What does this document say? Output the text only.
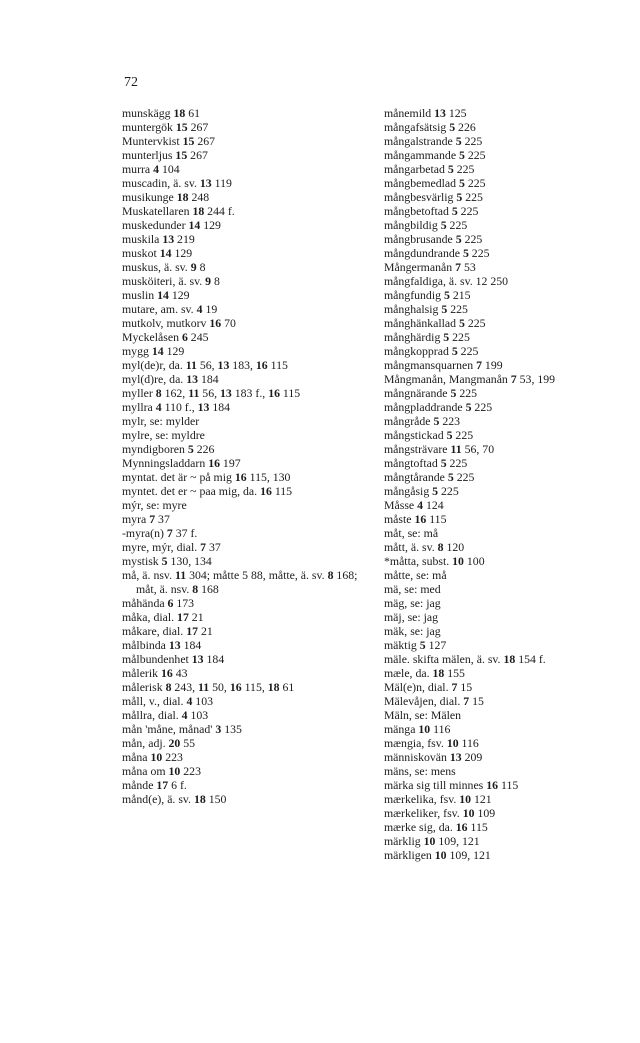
72
munskägg 18 61
muntergök 15 267
Muntervkist 15 267
munterljus 15 267
murra 4 104
muscadin, ä. sv. 13 119
musikunge 18 248
Muskatellaren 18 244 f.
muskedunder 14 129
muskila 13 219
muskot 14 129
muskus, ä. sv. 9 8
musköiteri, ä. sv. 9 8
muslin 14 129
mutare, am. sv. 4 19
mutkolv, mutkorv 16 70
Myckelåsen 6 245
mygg 14 129
myl(de)r, da. 11 56, 13 183, 16 115
myl(d)re, da. 13 184
myller 8 162, 11 56, 13 183 f., 16 115
myllra 4 110 f., 13 184
mylr, se: mylder
mylre, se: myldre
myndigboren 5 226
Mynningsladdarn 16 197
myntat. det är ~ på mig 16 115, 130
myntet. det er ~ paa mig, da. 16 115
mýr, se: myre
myra 7 37
-myra(n) 7 37 f.
myre, mýr, dial. 7 37
mystisk 5 130, 134
må, ä. nsv. 11 304; måtte 5 88, måtte, ä. sv. 8 168; måt, ä. nsv. 8 168
måhända 6 173
måka, dial. 17 21
måkare, dial. 17 21
målbinda 13 184
målbundenhet 13 184
målerik 16 43
målerisk 8 243, 11 50, 16 115, 18 61
måll, v., dial. 4 103
mållra, dial. 4 103
mån 'måne, månad' 3 135
mån, adj. 20 55
måna 10 223
måna om 10 223
månde 17 6 f.
månd(e), ä. sv. 18 150
månemild 13 125
mångafsätsig 5 226
mångalstrande 5 225
mångammande 5 225
mångarbetad 5 225
mångbemedlad 5 225
mångbesvärlig 5 225
mångbetoftad 5 225
mångbildig 5 225
mångbrusande 5 225
mångdundrande 5 225
Mångermanån 7 53
mångfaldiga, ä. sv. 12 250
mångfundig 5 215
månghalsig 5 225
månghänkallad 5 225
månghärdig 5 225
mångkopprad 5 225
mångmansquarnen 7 199
Mångmanån, Mangmanån 7 53, 199
mångnärande 5 225
mångpladdrande 5 225
mångråde 5 223
mångstickad 5 225
mångsträvare 11 56, 70
mångtoftad 5 225
mångtårande 5 225
mångåsig 5 225
Måsse 4 124
måste 16 115
måt, se: må
mått, ä. sv. 8 120
*måtta, subst. 10 100
måtte, se: må
mä, se: med
mäg, se: jag
mäj, se: jag
mäk, se: jag
mäktig 5 127
mäle. skifta mälen, ä. sv. 18 154 f.
mæle, da. 18 155
Mäl(e)n, dial. 7 15
Mälevåjen, dial. 7 15
Mäln, se: Mälen
mänga 10 116
mængia, fsv. 10 116
människovän 13 209
mäns, se: mens
märka sig till minnes 16 115
mærkelika, fsv. 10 121
mærkeliker, fsv. 10 109
mærke sig, da. 16 115
märklig 10 109, 121
märkligen 10 109, 121
